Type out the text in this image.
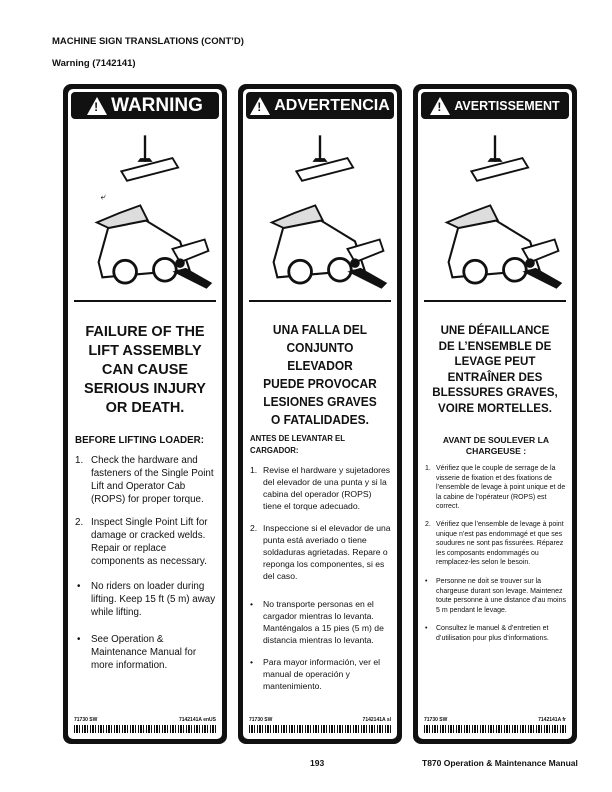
MACHINE SIGN TRANSLATIONS (CONT’D)
Warning (7142141)
! WARNING
⤶
FAILURE OF THE
LIFT ASSEMBLY
CAN CAUSE
SERIOUS INJURY
OR DEATH.
BEFORE LIFTING LOADER:
1. Check the hardware and fasteners of the Single Point Lift and Operator Cab (ROPS) for proper torque.
2. Inspect Single Point Lift for damage or cracked welds. Repair or replace components as necessary.
•	No riders on loader during lifting. Keep 15 ft (5 m) away while lifting.
•	See Operation & Maintenance Manual for more information.
71730 SW	7142141A enUS
! ADVERTENCIA
UNA FALLA DEL
CONJUNTO ELEVADOR
PUEDE PROVOCAR
LESIONES GRAVES
O FATALIDADES.
ANTES DE LEVANTAR EL CARGADOR:
1. Revise el hardware y sujetadores del elevador de una punta y si la cabina del operador (ROPS) tiene el torque adecuado.
2. Inspeccione si el elevador de una punta está averiado o tiene soldaduras agrietadas. Repare o reponga los componentes, si es del caso.
•	No transporte personas en el cargador mientras lo levanta. Manténgalos a 15 pies (5 m) de distancia mientras lo levanta.
•	Para mayor información, ver el manual de operación y mantenimiento.
71730 SW	7142141A sl
! AVERTISSEMENT
UNE DÉFAILLANCE
DE L’ENSEMBLE DE
LEVAGE PEUT
ENTRAÎNER DES
BLESSURES GRAVES,
VOIRE MORTELLES.
AVANT DE SOULEVER LA CHARGEUSE :
1. Vérifiez que le couple de serrage de la visserie de fixation et des fixations de l’ensemble de levage à point unique et de la cabine de l’opérateur (ROPS) est correct.
2. Vérifiez que l’ensemble de levage à point unique n’est pas endommagé et que ses soudures ne sont pas fissurées. Réparez les composants endommagés ou remplacez-les selon le besoin.
•	Personne ne doit se trouver sur la chargeuse durant son levage. Maintenez toute personne à une distance d’au moins 5 m pendant le levage.
•	Consultez le manuel & d’entretien et d’utilisation pour plus d’informations.
71730 SW	7142141A fr
193	T870 Operation & Maintenance Manual
